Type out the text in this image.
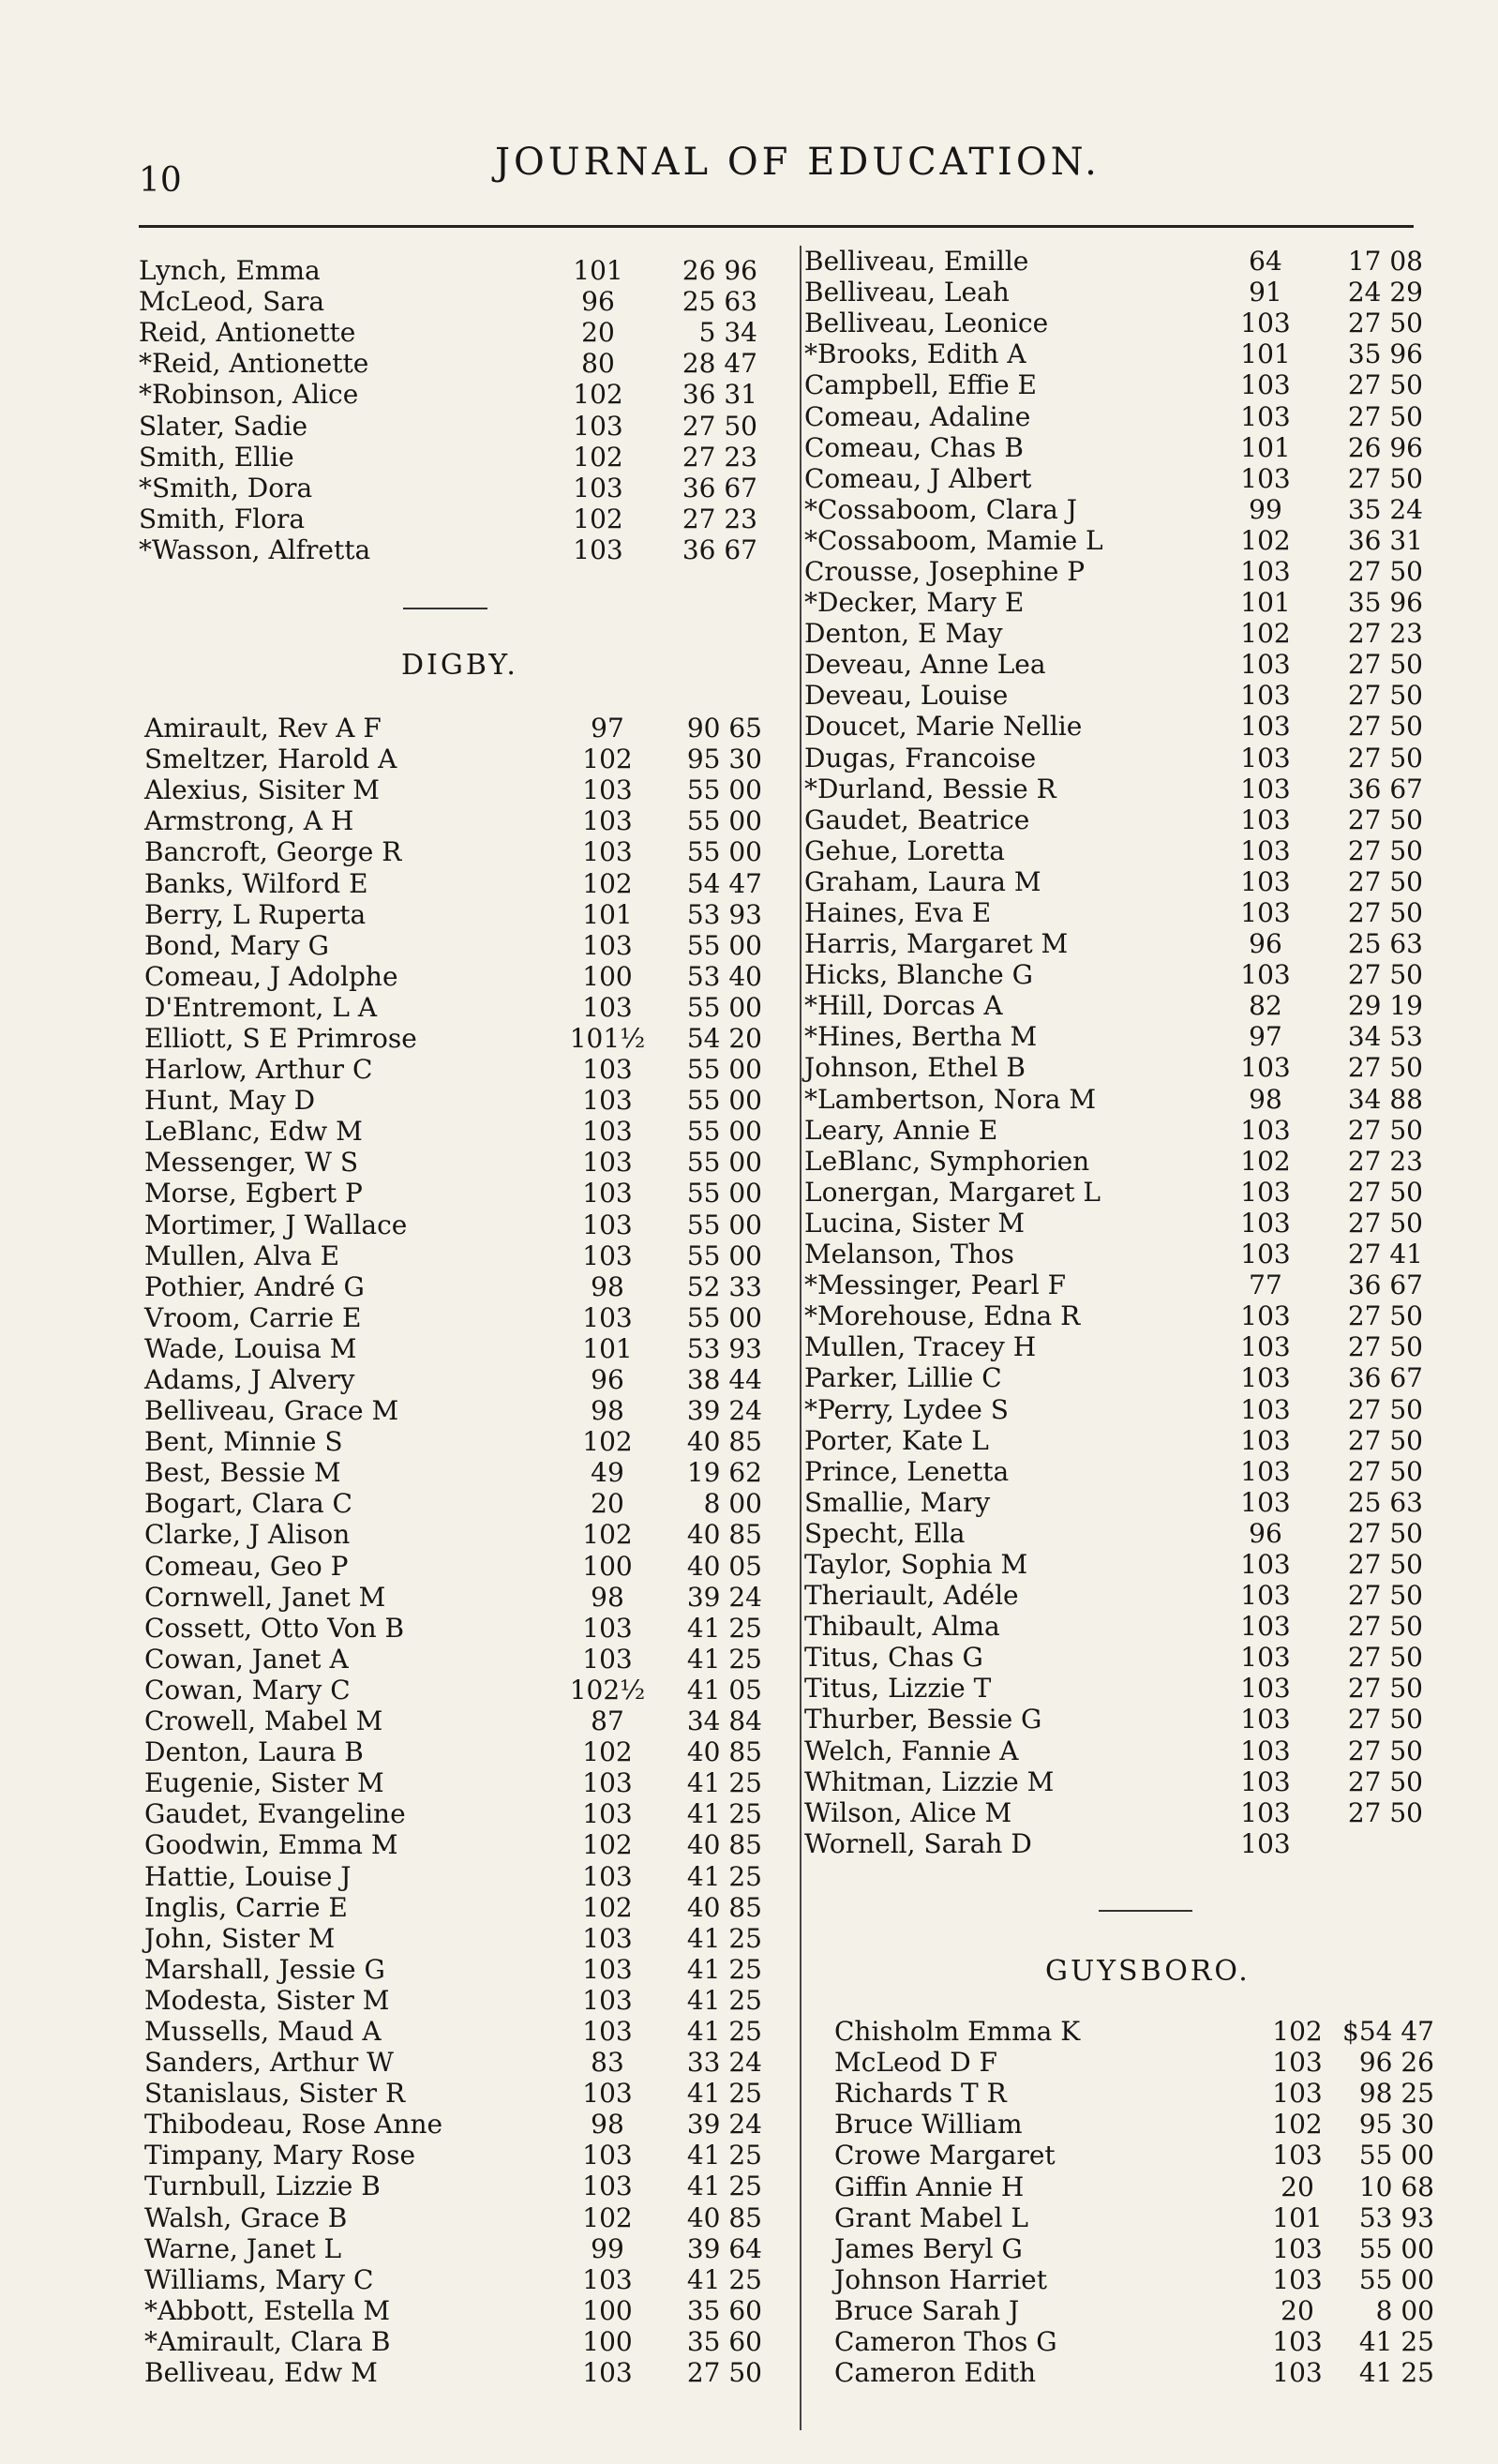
10	JOURNAL OF EDUCATION.
Lynch, Emma	101	26 96
McLeod, Sara	96	25 63
Reid, Antionette	20	5 34
*Reid, Antionette	80	28 47
*Robinson, Alice	102	36 31
Slater, Sadie	103	27 50
Smith, Ellie	102	27 23
*Smith, Dora	103	36 67
Smith, Flora	102	27 23
*Wasson, Alfretta	103	36 67
DIGBY.
Amirault, Rev A F	97	90 65
Smeltzer, Harold A	102	95 30
Alexius, Sisiter M	103	55 00
Armstrong, A H	103	55 00
Bancroft, George R	103	55 00
Banks, Wilford E	102	54 47
Berry, L Ruperta	101	53 93
Bond, Mary G	103	55 00
Comeau, J Adolphe	100	53 40
D'Entremont, L A	103	55 00
Elliott, S E Primrose	101½	54 20
Harlow, Arthur C	103	55 00
Hunt, May D	103	55 00
LeBlanc, Edw M	103	55 00
Messenger, W S	103	55 00
Morse, Egbert P	103	55 00
Mortimer, J Wallace	103	55 00
Mullen, Alva E	103	55 00
Pothier, André G	98	52 33
Vroom, Carrie E	103	55 00
Wade, Louisa M	101	53 93
Adams, J Alvery	96	38 44
Belliveau, Grace M	98	39 24
Bent, Minnie S	102	40 85
Best, Bessie M	49	19 62
Bogart, Clara C	20	8 00
Clarke, J Alison	102	40 85
Comeau, Geo P	100	40 05
Cornwell, Janet M	98	39 24
Cossett, Otto Von B	103	41 25
Cowan, Janet A	103	41 25
Cowan, Mary C	102½	41 05
Crowell, Mabel M	87	34 84
Denton, Laura B	102	40 85
Eugenie, Sister M	103	41 25
Gaudet, Evangeline	103	41 25
Goodwin, Emma M	102	40 85
Hattie, Louise J	103	41 25
Inglis, Carrie E	102	40 85
John, Sister M	103	41 25
Marshall, Jessie G	103	41 25
Modesta, Sister M	103	41 25
Mussells, Maud A	103	41 25
Sanders, Arthur W	83	33 24
Stanislaus, Sister R	103	41 25
Thibodeau, Rose Anne	98	39 24
Timpany, Mary Rose	103	41 25
Turnbull, Lizzie B	103	41 25
Walsh, Grace B	102	40 85
Warne, Janet L	99	39 64
Williams, Mary C	103	41 25
*Abbott, Estella M	100	35 60
*Amirault, Clara B	100	35 60
Belliveau, Edw M	103	27 50
Belliveau, Emille	64	17 08
Belliveau, Leah	91	24 29
Belliveau, Leonice	103	27 50
*Brooks, Edith A	101	35 96
Campbell, Effie E	103	27 50
Comeau, Adaline	103	27 50
Comeau, Chas B	101	26 96
Comeau, J Albert	103	27 50
*Cossaboom, Clara J	99	35 24
*Cossaboom, Mamie L	102	36 31
Crousse, Josephine P	103	27 50
*Decker, Mary E	101	35 96
Denton, E May	102	27 23
Deveau, Anne Lea	103	27 50
Deveau, Louise	103	27 50
Doucet, Marie Nellie	103	27 50
Dugas, Francoise	103	27 50
*Durland, Bessie R	103	36 67
Gaudet, Beatrice	103	27 50
Gehue, Loretta	103	27 50
Graham, Laura M	103	27 50
Haines, Eva E	103	27 50
Harris, Margaret M	96	25 63
Hicks, Blanche G	103	27 50
*Hill, Dorcas A	82	29 19
*Hines, Bertha M	97	34 53
Johnson, Ethel B	103	27 50
*Lambertson, Nora M	98	34 88
Leary, Annie E	103	27 50
LeBlanc, Symphorien	102	27 23
Lonergan, Margaret L	103	27 50
Lucina, Sister M	103	27 50
Melanson, Thos	103	27 41
*Messinger, Pearl F	77	36 67
*Morehouse, Edna R	103	27 50
Mullen, Tracey H	103	27 50
Parker, Lillie C	103	36 67
*Perry, Lydee S	103	27 50
Porter, Kate L	103	27 50
Prince, Lenetta	103	27 50
Smallie, Mary	103	25 63
Specht, Ella	96	27 50
Taylor, Sophia M	103	27 50
Theriault, Adéle	103	27 50
Thibault, Alma	103	27 50
Titus, Chas G	103	27 50
Titus, Lizzie T	103	27 50
Thurber, Bessie G	103	27 50
Welch, Fannie A	103	27 50
Whitman, Lizzie M	103	27 50
Wilson, Alice M	103	27 50
Wornell, Sarah D	103
GUYSBORO.
Chisholm Emma K	102 $54 47
McLeod D F	103	96 26
Richards T R	103	98 25
Bruce William	102	95 30
Crowe Margaret	103	55 00
Giffin Annie H	20	10 68
Grant Mabel L	101	53 93
James Beryl G	103	55 00
Johnson Harriet	103	55 00
Bruce Sarah J	20	8 00
Cameron Thos G	103	41 25
Cameron Edith	103	41 25
